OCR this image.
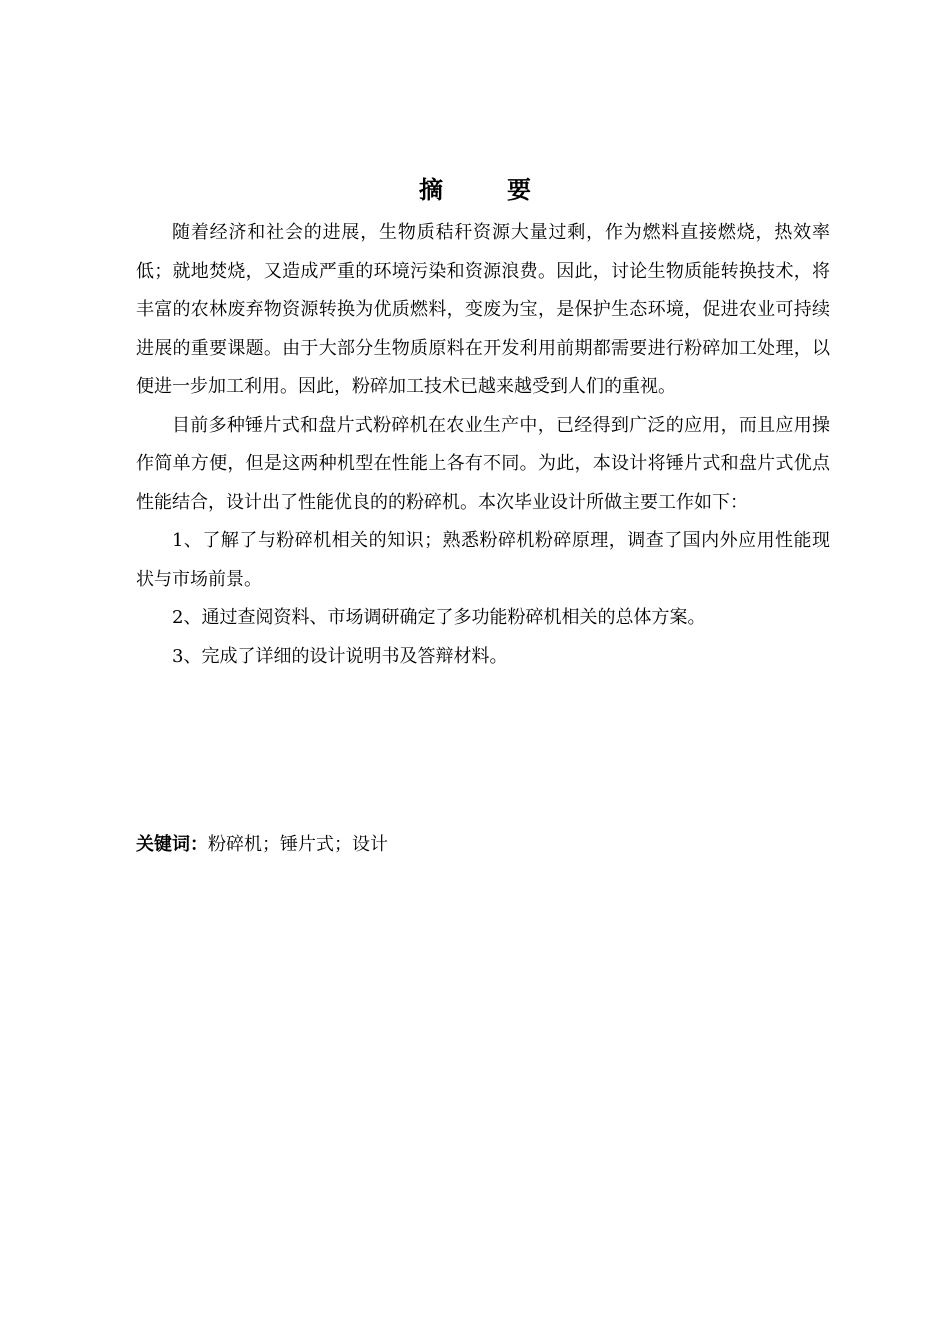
摘　要

随着经济和社会的进展，生物质秸秆资源大量过剩，作为燃料直接燃烧，热效率低；就地焚烧，又造成严重的环境污染和资源浪费。因此，讨论生物质能转换技术，将丰富的农林废弃物资源转换为优质燃料，变废为宝，是保护生态环境，促进农业可持续进展的重要课题。由于大部分生物质原料在开发利用前期都需要进行粉碎加工处理，以便进一步加工利用。因此，粉碎加工技术已越来越受到人们的重视。

目前多种锤片式和盘片式粉碎机在农业生产中，已经得到广泛的应用，而且应用操作简单方便，但是这两种机型在性能上各有不同。为此，本设计将锤片式和盘片式优点性能结合，设计出了性能优良的的粉碎机。本次毕业设计所做主要工作如下：

1、了解了与粉碎机相关的知识；熟悉粉碎机粉碎原理，调查了国内外应用性能现状与市场前景。

2、通过查阅资料、市场调研确定了多功能粉碎机相关的总体方案。

3、完成了详细的设计说明书及答辩材料。

关键词：粉碎机；锤片式；设计
